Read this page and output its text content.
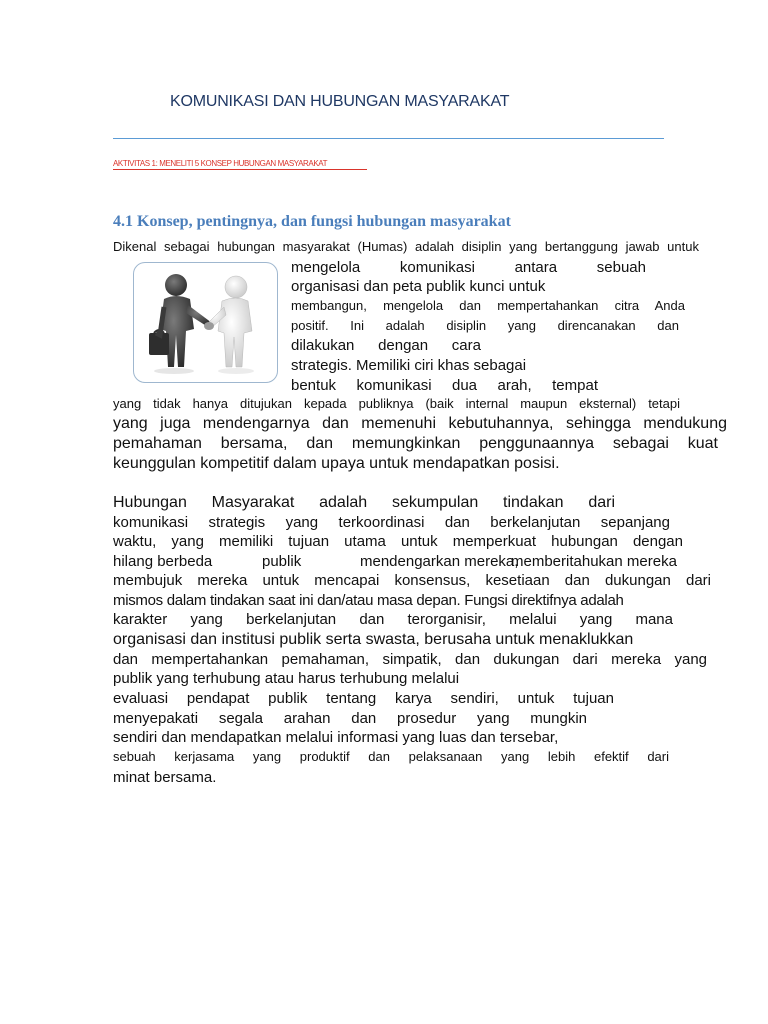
KOMUNIKASI DAN HUBUNGAN MASYARAKAT
AKTIVITAS 1: MENELITI 5 KONSEP HUBUNGAN MASYARAKAT
4.1 Konsep, pentingnya, dan fungsi hubungan masyarakat
Dikenal sebagai hubungan masyarakat (Humas) adalah disiplin yang bertanggung jawab untuk
mengelola komunikasi antara sebuah
organisasi dan peta publik kunci untuk
membangun, mengelola dan mempertahankan citra Anda
positif. Ini adalah disiplin yang direncanakan dan
dilakukan dengan cara
strategis. Memiliki ciri khas sebagai
bentuk komunikasi dua arah, tempat
yang tidak hanya ditujukan kepada publiknya (baik internal maupun eksternal) tetapi
yang juga mendengarnya dan memenuhi kebutuhannya, sehingga mendukung
pemahaman bersama, dan memungkinkan penggunaannya sebagai kuat
keunggulan kompetitif dalam upaya untuk mendapatkan posisi.
Hubungan Masyarakat adalah sekumpulan tindakan dari
komunikasi strategis yang terkoordinasi dan berkelanjutan sepanjang
waktu, yang memiliki tujuan utama untuk memperkuat hubungan dengan
hilang berbeda	publik	mendengarkan mereka,
memberitahukan mereka
membujuk mereka untuk mencapai konsensus, kesetiaan dan dukungan dari
mismos dalam tindakan saat ini dan/atau masa depan. Fungsi direktifnya adalah
karakter yang berkelanjutan dan terorganisir, melalui yang mana
organisasi dan institusi publik serta swasta, berusaha untuk menaklukkan
dan mempertahankan pemahaman, simpatik, dan dukungan dari mereka yang
publik yang terhubung atau harus terhubung melalui
evaluasi pendapat publik tentang karya sendiri, untuk tujuan
menyepakati segala arahan dan prosedur yang mungkin
sendiri dan mendapatkan melalui informasi yang luas dan tersebar,
sebuah kerjasama yang produktif dan pelaksanaan yang lebih efektif dari
minat bersama.
